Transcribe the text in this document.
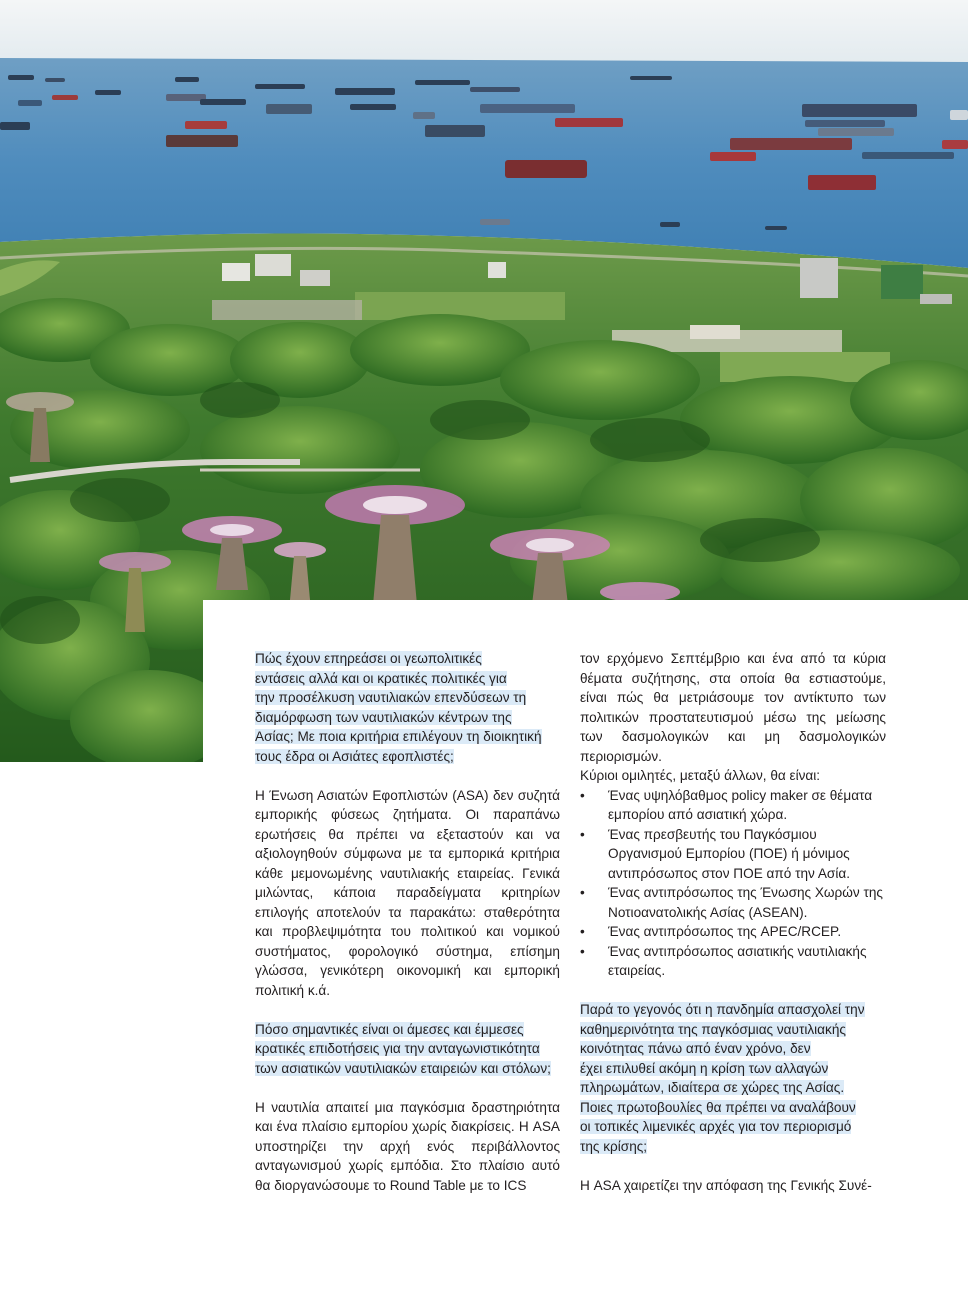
Πώς έχουν επηρεάσει οι γεωπολιτικές
εντάσεις αλλά και οι κρατικές πολιτικές για
την προσέλκυση ναυτιλιακών επενδύσεων τη
διαμόρφωση των ναυτιλιακών κέντρων της
Ασίας; Με ποια κριτήρια επιλέγουν τη διοικητική
τους έδρα οι Ασιάτες εφοπλιστές;

Η Ένωση Ασιατών Εφοπλιστών (ASA) δεν συζητά εμπορικής φύσεως ζητήματα. Οι παραπάνω ερωτήσεις θα πρέπει να εξεταστούν και να αξιολογηθούν σύμφωνα με τα εμπορικά κριτήρια κάθε μεμονωμένης ναυτιλιακής εταιρείας. Γενικά μιλώντας, κάποια παραδείγματα κριτηρίων επιλογής αποτελούν τα παρακάτω: σταθερότητα και προβλεψιμότητα του πολιτικού και νομικού συστήματος, φορολογικό σύστημα, επίσημη γλώσσα, γενικότερη οικονομική και εμπορική πολιτική κ.ά.

Πόσο σημαντικές είναι οι άμεσες και έμμεσες
κρατικές επιδοτήσεις για την ανταγωνιστικότητα
των ασιατικών ναυτιλιακών εταιρειών και στόλων;

Η ναυτιλία απαιτεί μια παγκόσμια δραστηριότητα και ένα πλαίσιο εμπορίου χωρίς διακρίσεις. Η ASA υποστηρίζει την αρχή ενός περιβάλλοντος ανταγωνισμού χωρίς εμπόδια. Στο πλαίσιο αυτό θα διοργανώσουμε το Round Table με το ICS

τον ερχόμενο Σεπτέμβριο και ένα από τα κύρια θέματα συζήτησης, στα οποία θα εστιαστούμε, είναι πώς θα μετριάσουμε τον αντίκτυπο των πολιτικών προστατευτισμού μέσω της μείωσης των δασμολογικών και μη δασμολογικών περιορισμών.

Κύριοι ομιλητές, μεταξύ άλλων, θα είναι:

• Ένας υψηλόβαθμος policy maker σε θέματα εμπορίου από ασιατική χώρα.
• Ένας πρεσβευτής του Παγκόσμιου Οργανισμού Εμπορίου (ΠΟΕ) ή μόνιμος αντιπρόσωπος στον ΠΟΕ από την Ασία.
• Ένας αντιπρόσωπος της Ένωσης Χωρών της Νοτιοανατολικής Ασίας (ASEAN).
• Ένας αντιπρόσωπος της APEC/RCEP.
• Ένας αντιπρόσωπος ασιατικής ναυτιλιακής εταιρείας.

Παρά το γεγονός ότι η πανδημία απασχολεί την
καθημερινότητα της παγκόσμιας ναυτιλιακής
κοινότητας πάνω από έναν χρόνο, δεν
έχει επιλυθεί ακόμη η κρίση των αλλαγών
πληρωμάτων, ιδιαίτερα σε χώρες της Ασίας.
Ποιες πρωτοβουλίες θα πρέπει να αναλάβουν
οι τοπικές λιμενικές αρχές για τον περιορισμό
της κρίσης;

Η ASA χαιρετίζει την απόφαση της Γενικής Συνέ-
